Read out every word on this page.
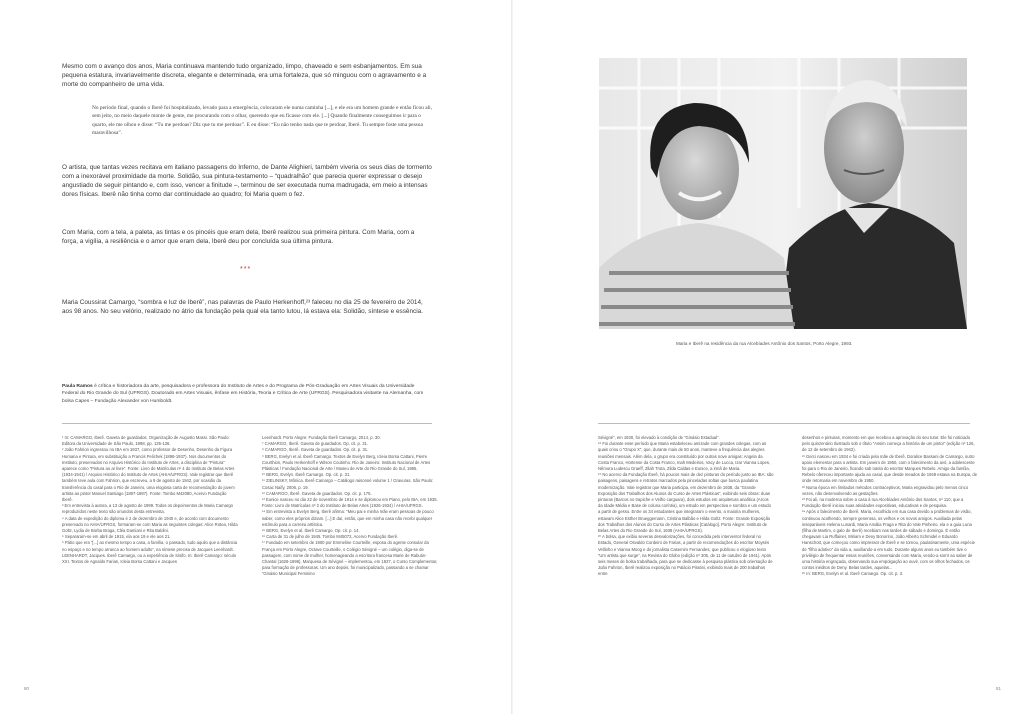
Mesmo com o avanço dos anos, Maria continuava mantendo tudo organizado, limpo, chaveado e sem esbanjamentos. Em sua pequena estatura, invariavelmente discreta, elegante e determinada, era uma fortaleza, que só minguou com o agravamento e a morte do companheiro de uma vida.

No período final, quando o Iberê foi hospitalizado, levado para a emergência, colocaram ele numa caminha [...], e ele era um homem grande e então ficou ali, sem jeito, no meio daquele monte de gente, me procurando com o olhar, querendo que eu ficasse com ele. [...] Quando finalmente conseguimos ir para o quarto, ele me olhou e disse: “Tu me perdoas? Diz que tu me perdoas”. E eu disse: “Eu não tenho nada que te perdoar, Iberê. Tu sempre foste uma pessoa maravilhosa”.

O artista, que tantas vezes recitava em italiano passagens do Inferno, de Dante Alighieri, também viveria os seus dias de tormento com a inexorável proximidade da morte. Solidão, sua pintura-testamento – “quadralhão” que parecia querer expressar o desejo angustiado de seguir pintando e, com isso, vencer a finitude –, terminou de ser executada numa madrugada, em meio a intensas dores físicas. Iberê não tinha como dar continuidade ao quadro; foi Maria quem o fez.

Com Maria, com a tela, a paleta, as tintas e os pincéis que eram dela, Iberê realizou sua primeira pintura. Com Maria, com a força, a vigília, a resiliência e o amor que eram dela, Iberê deu por concluída sua última pintura.

***

Maria Coussirat Camargo, “sombra e luz de Iberê”, nas palavras de Paulo Herkenhoff,²³ faleceu no dia 25 de fevereiro de 2014, aos 98 anos. No seu velório, realizado no átrio da fundação pela qual ela tanto lutou, lá estava ela: Solidão, síntese e essência.

Paula Ramos é crítica e historiadora da arte, pesquisadora e professora do Instituto de Artes e do Programa de Pós-Graduação em Artes Visuais da Universidade Federal do Rio Grande do Sul (UFRGS). Doutorado em Artes Visuais, ênfase em História, Teoria e Crítica de Arte (UFRGS). Pesquisadora visitante na Alemanha, com bolsa Capes – Fundação Alexander von Humboldt.

¹ In: CAMARGO, Iberê. Gaveta de guardados. Organização de Augusto Massi. São Paulo: Editora da Universidade de São Paulo, 1998, pp. 135-136.

² João Fahrion ingressou no IBA em 1937, como professor de Desenho, Desenho da Figura Humana e Pintura, em substituição a Francis Pelichek (1896-1937). Nos documentos do Instituto, preservados no Arquivo Histórico do Instituto de Artes, a disciplina de “Pintura” aparece como “Pintura ao ar livre”. Fonte: Livro de Matrículas nº 4 do Instituto de Belas Artes (1934-1941) / Arquivo Histórico do Instituto de Artes (AHIA/UFRGS). Vale registrar que Iberê também teve aula com Fahrion, que escreveu, a 9 de agosto de 1942, por ocasião da transferência do casal para o Rio de Janeiro, uma elogiosa carta de recomendação do jovem artista ao pintor Manuel Santiago (1897-1987). Fonte: Tombo M42080, Acervo Fundação Iberê.

³ Em entrevista à autora, a 13 de agosto de 1999. Todos os depoimentos de Maria Camargo reproduzidos neste texto são oriundos desta entrevista.

⁴ A data de expedição do diploma é 2 de dezembro de 1940 e, de acordo com documento preservado no AHIA/UFRGS, formaram-se com Maria as seguintes colegas: Alice Rotea, Hilda Goltz, Lydia de Borba Braga, Cléa Damiani e Rita Baldini.

⁵ Separaram-se em abril de 1915, ela aos 19 e ele aos 21.

⁶ Pátio que era “[...] ao mesmo tempo a casa, a família, o passado, tudo aquilo que a distância no espaço e no tempo arranca ao homem adulto”, na síntese precisa de Jacques Leenhardt. LEENHARDT, Jacques. Iberê Camargo, ou a experiência de Sísifo. In: Iberê Camargo: século XXI. Textos de Agnaldo Farias, Icleia Borsa Cattani e Jacques

Leenhardt. Porto Alegre: Fundação Iberê Camargo, 2014, p. 30.

⁷ CAMARGO, Iberê. Gaveta de guardados. Op. cit. p. 31.

⁸ CAMARGO, Iberê. Gaveta de guardados. Op. cit. p. 31.

⁹ BERG, Evelyn et al. Iberê Camargo. Textos de Evelyn Berg, Icleia Borsa Cattani, Pierre Courthion, Paulo Herkenhoff e Wilson Coutinho. Rio de Janeiro: Instituto Nacional de Artes Plásticas / Fundação Nacional de Arte / Museu de Arte do Rio Grande do Sul, 1985.

¹⁰ BERG, Evelyn. Iberê Camargo. Op. cit. p. 31.

¹¹ ZIELINSKY, Mônica. Iberê Camargo – Catálogo raisonné volume 1 / Gravuras. São Paulo: Cosac Naify, 2006, p. 19.

¹² CAMARGO, Iberê. Gaveta de guardados. Op. cit. p. 175.

¹³ Eunice nasceu no dia 22 de novembro de 1914 e se diplomou em Piano, pelo IBA, em 1935. Fonte: Livro de Matrículas nº 2 do Instituto de Belas Artes (1926-1934) / AHIA/UFRGS.

¹⁴ Em entrevista a Evelyn Berg, Iberê afirma: “Meu pai e minha mãe eram pessoas de pouco saber, como eles próprios diziam. [...] E daí, então, que em minha casa não recebi qualquer estímulo para a carreira artística.

¹⁵ BERG, Evelyn et al. Iberê Camargo. Op. cit. p. 14.

¹⁶ Carta de 31 de julho de 1945. Tombo M45072, Acervo Fundação Iberê.

¹⁷ Fundado em setembro de 1900 por Emmeline Courteille, esposa do agente consular da França em Porto Alegre, Octave Courteille, o Colégio Sévigné – um colégio, diga-se de passagem, com nome de mulher, homenageando a escritora francesa Marie de Rabutin-Chantal (1626-1696), Marquesa de Sévigné – implementou, em 1927, o Curso Complementar, para formação de professoras. Um ano depois, foi municipalizado, passando a se chamar “Ginásio Municipal Feminino

80
Maria e Iberê na residência da rua Alcebíades Antônio dos Santos, Porto Alegre, 1993.

Sévigné”, em 1930, foi elevado à condição de “Ginásio Estadual”.

¹⁸ Foi durante esse período que Maria estabeleceu amizade com grandes colegas, com as quais criou o “Grupo X”, que, durante mais de 50 anos, manteve a frequência das alegres reuniões mensais. Além dela, o grupo era constituído por outras nove amigas: Angela da Costa Franco, Hortense da Costa Franco, Inah Medeiros, Vacy de Lucca, Izar Vianna Lopes, Nêmora Ludescu Graeff, Zilah Trota, Zilda Caldas e Eunice, a irmã de Maria.

¹⁹ No acervo da Fundação Iberê, há poucos mais de dez pinturas do período junto ao IBA: são paisagens, paisagens e retratos marcados pela pinceladas soltas que busca paulatina modernização. Vale registrar que Maria participa, em dezembro de 1938, da “Grande Exposição dos Trabalhos dos Alunos do Curso de Artes Plásticas”, exibindo seis obras: duas pinturas (Barcos no trapiche e Velho carguara), dois estudos em arquitetura analítica (Arcos da Idade Média e Base de coluna coríntia), um estudo em perspectiva e sombra e um estudo a partir de gesso. Entre os 34 estudantes que integraram o evento, a maioria mulheres, estavam Alice Esther Brueggemann, Cristina Balbão e Hilda Goltz. Fonte: Grande Exposição dos Trabalhos dos Alunos do Curso de Artes Plásticas [Catálogo]. Porto Alegre: Instituto de Belas Artes do Rio Grande do Sul, 1938 (AHIA/UFRGS).

²⁰ A bolsa, que exibiu severas desvalorizações, foi concedida pelo interventor federal no Estado, General Osvaldo Cordeiro de Farias, a partir de recomendações do escritor Moysés Vellinho e Vianna Moog e do jornalista Casemiro Fernandes, que publicou o elogioso texto “Um artista que surge”, na Revista do Globo (edição nº 305, de 11 de outubro de 1941). Após seis meses de bolsa trabalhada, para que se dedicasse à pesquisa plástica sob orientação de João Fahrion, Iberê realizou exposição no Palácio Piratini, exibindo mais de 200 trabalhos entre

desenhos e pinturas, momento em que recebeu a aprovação do seu tutor. Ele foi noticiado pelo quinzenário Ilustrado sob o título “Assim começa a história de um pintor” (edição nº 126, de 12 de setembro de 1942).

²¹ Gerci nasceu em 1934 e foi criada pela mãe de Iberê, Doralice Bassani de Camargo, outro apoio elementar para o artista. Em janeiro de 1950, com o falecimento da avó, a adolescente foi para o Rio de Janeiro, ficando sob tutela do escritor Marques Rebelo. Amigo da família, Rebelo ofereceu importante ajuda ao casal, que desde meados de 1948 estava na Europa, de onde retornaria em novembro de 1950.

²² Numa época em limitados métodos contraceptivos, Maria engravidou pelo menos cinco vezes, não desenvolvendo as gestações.

²³ Foi ali, na moderna sobre a casa à rua Alcebíades Antônio dos Santos, nº 110, que a Fundação Iberê iniciou suas atividades expositivas, educativas e de pesquisa.

²⁴ Após o falecimento de Iberê, Maria, escolhida em sua casa devido a problemas de visão, continuou acolhendo, sempre generosa, os velhos e os novos amigos. Auxiliada pelas inseparáveis Helena Lunardi, Maria Amália Fraga e Rita do Vale Pinheiro, ela e a guia Luna (filha de Martim, o galo de Iberê) recebiam nas tardes de sábado e domingo. É então chegavam Lia Ruffainer, Miriam e Deny Bonorino, João Alberto Schmidel e Eduardo Hanschott, que começou como impressor de Iberê e se tornou, paulatinamente, uma espécie de “filho adotivo” da vida a, auxiliando-a em tudo. Durante alguns anos eu também tive o privilégio de frequentar essas reuniões, conversando com Maria, vendo-a sorrir ao saber de uma história engraçada, observando sua empolgação ao ouvir, com os olhos fechados, os contos inéditos de Deny. Belas tardes, aquelas...

²⁵ In: BERG, Evelyn et al. Iberê Camargo. Op. cit. p. 3.

81
